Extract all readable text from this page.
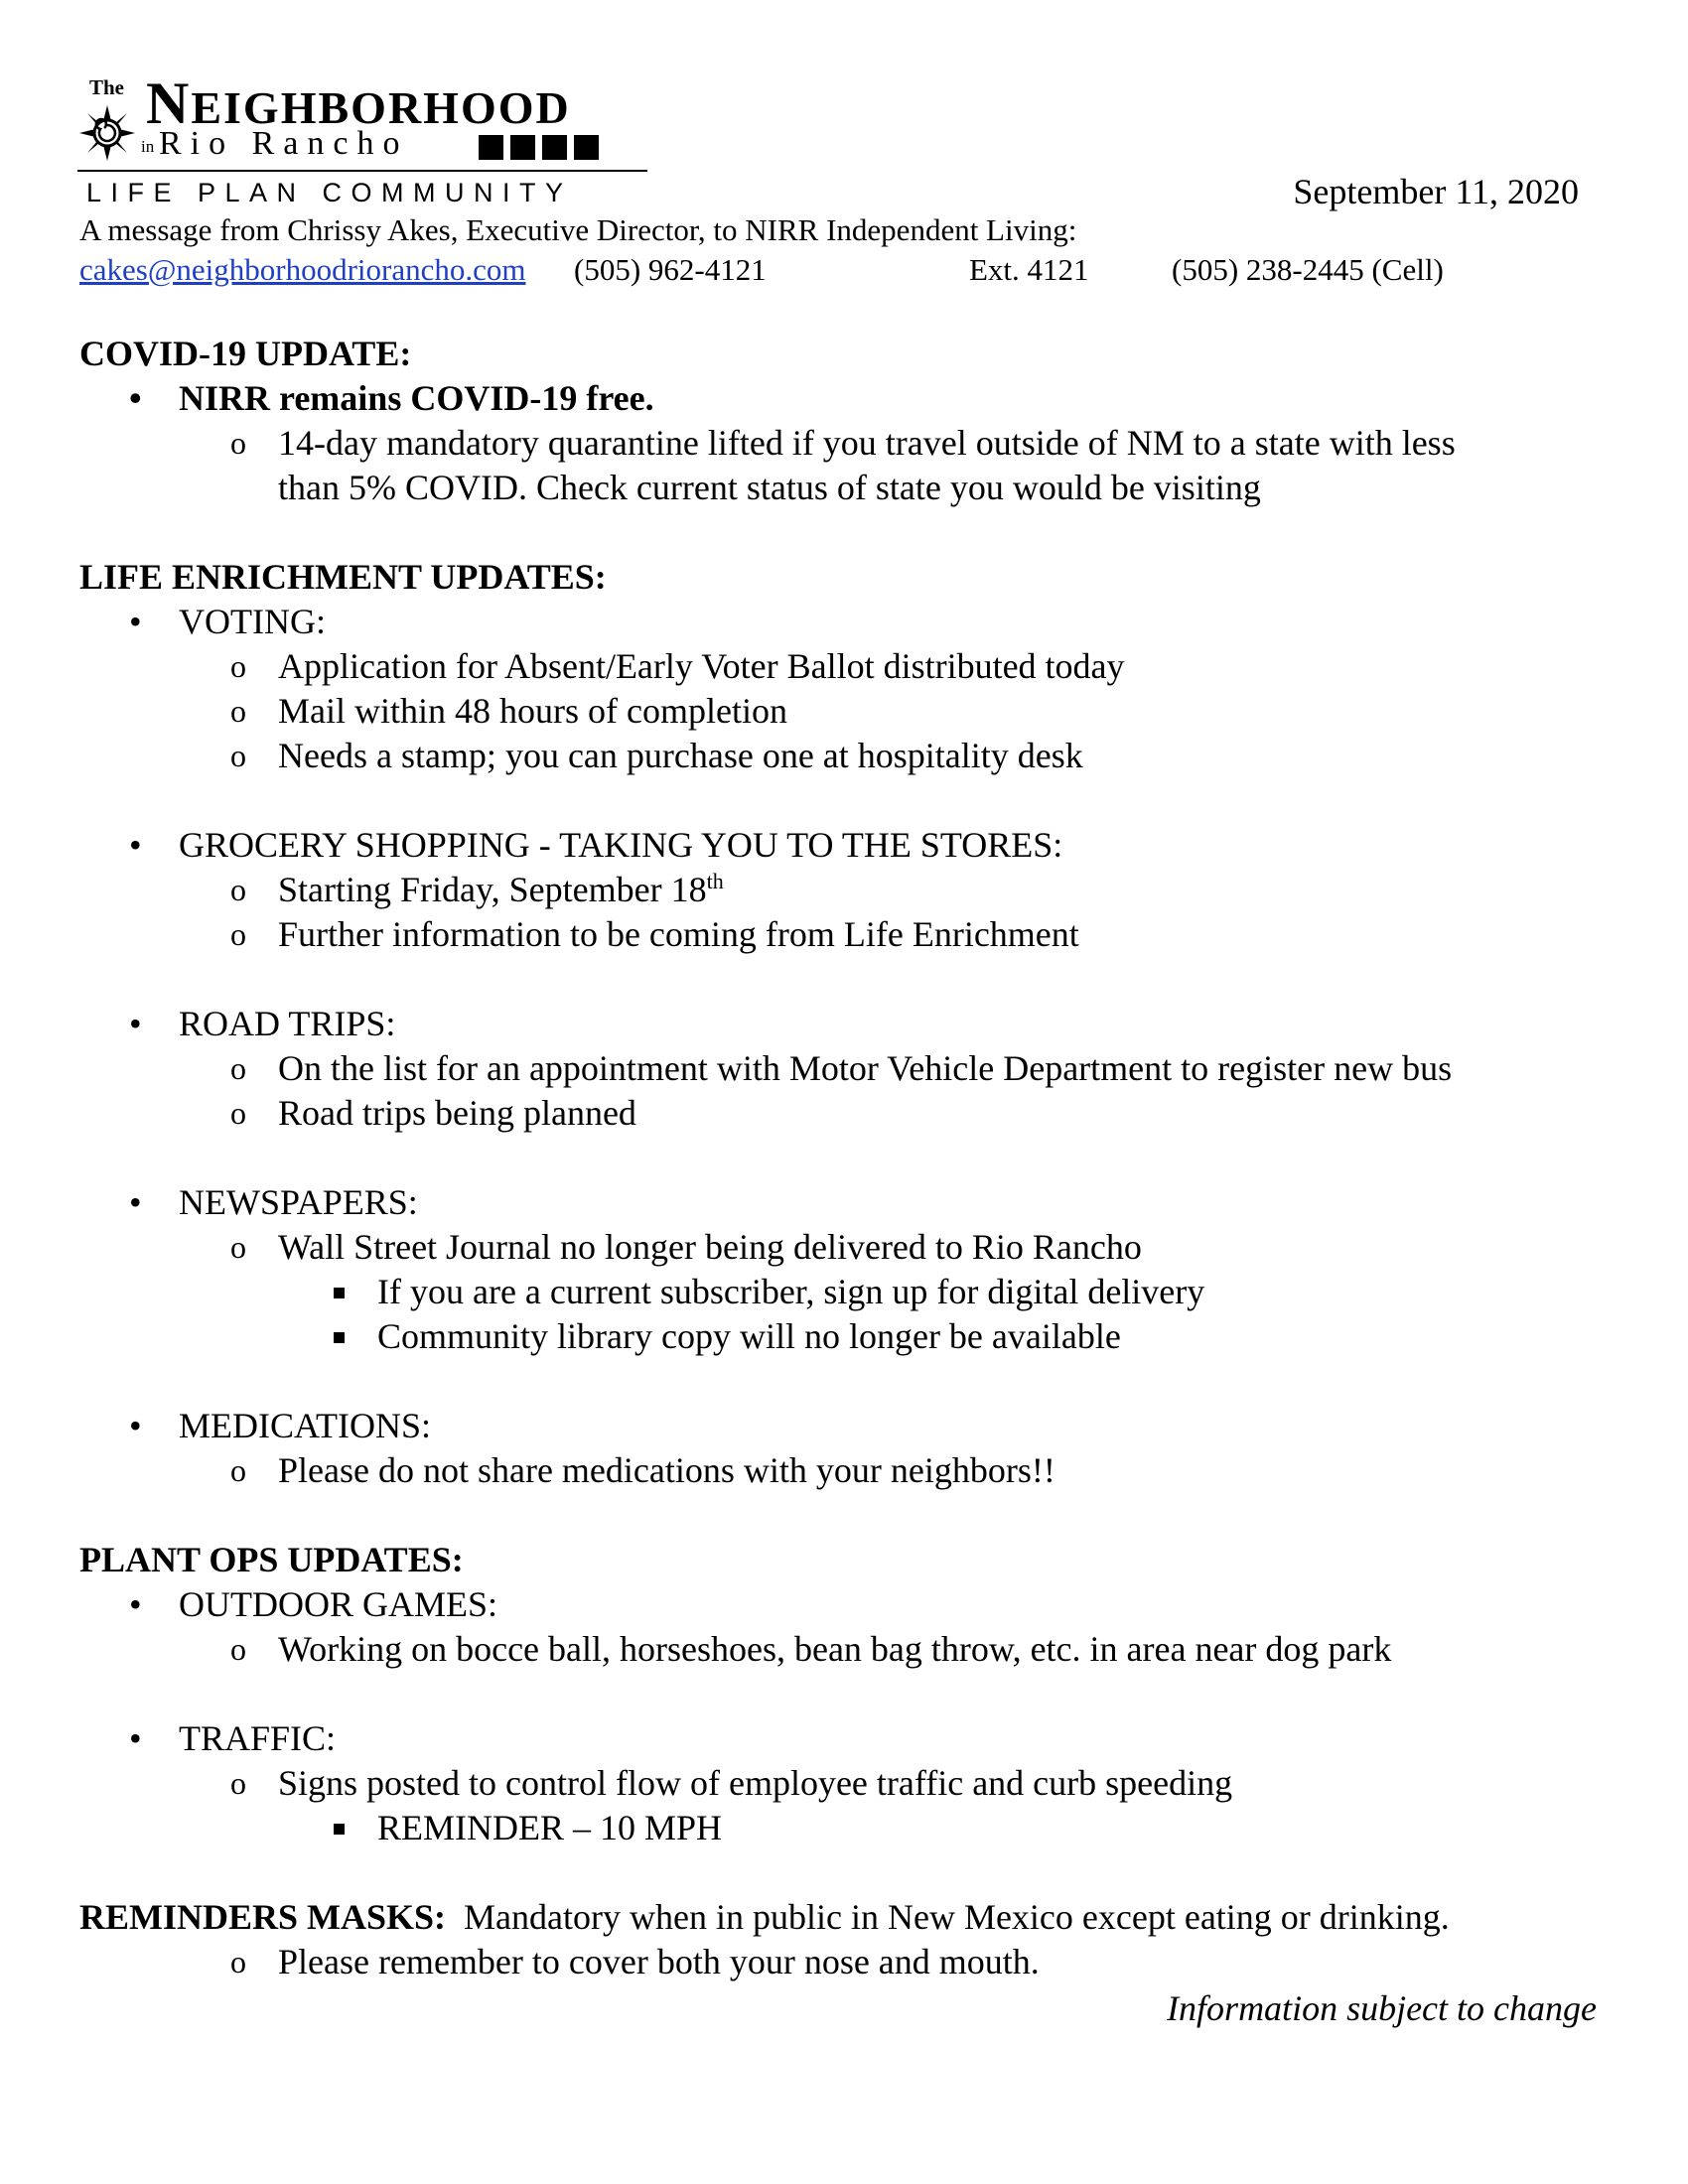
The NEIGHBORHOOD
in Rio Rancho
LIFE PLAN COMMUNITY	September 11, 2020
A message from Chrissy Akes, Executive Director, to NIRR Independent Living:
cakes@neighborhoodriorancho.com (505) 962-4121	Ext. 4121	(505) 238-2445 (Cell)

COVID-19 UPDATE:

• NIRR remains COVID-19 free.
o 14-day mandatory quarantine lifted if you travel outside of NM to a state with less
than 5% COVID. Check current status of state you would be visiting

LIFE ENRICHMENT UPDATES:

• VOTING:
o Application for Absent/Early Voter Ballot distributed today
o Mail within 48 hours of completion
o Needs a stamp; you can purchase one at hospitality desk
• GROCERY SHOPPING - TAKING YOU TO THE STORES:
o Starting Friday, September 18th
o Further information to be coming from Life Enrichment
• ROAD TRIPS:
o On the list for an appointment with Motor Vehicle Department to register new bus
o Road trips being planned
• NEWSPAPERS:
o Wall Street Journal no longer being delivered to Rio Rancho
If you are a current subscriber, sign up for digital delivery
Community library copy will no longer be available
• MEDICATIONS:
o Please do not share medications with your neighbors!!

PLANT OPS UPDATES:

• OUTDOOR GAMES:
o Working on bocce ball, horseshoes, bean bag throw, etc. in area near dog park
• TRAFFIC:
o Signs posted to control flow of employee traffic and curb speeding
REMINDER – 10 MPH

REMINDERS MASKS:  Mandatory when in public in New Mexico except eating or drinking.

o Please remember to cover both your nose and mouth.
Information subject to change
